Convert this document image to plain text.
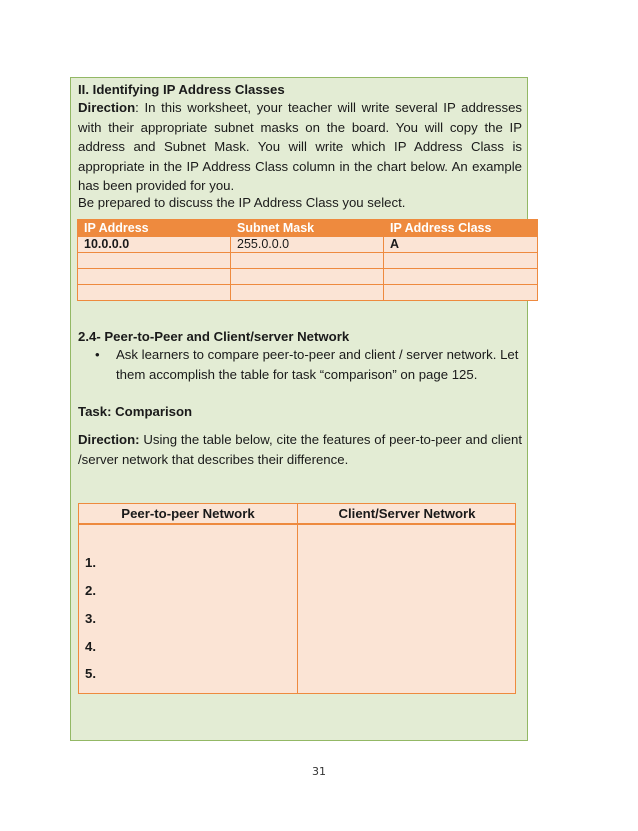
II. Identifying IP Address Classes
Direction: In this worksheet, your teacher will write several IP addresses with their appropriate subnet masks on the board. You will copy the IP address and Subnet Mask. You will write which IP Address Class is appropriate in the IP Address Class column in the chart below. An example has been provided for you.
Be prepared to discuss the IP Address Class you select.
IP Address	Subnet Mask	IP Address Class
10.0.0.0	255.0.0.0	A

2.4- Peer-to-Peer and Client/server Network
• Ask learners to compare peer-to-peer and client / server network. Let them accomplish the table for task “comparison” on page 125.
Task: Comparison
Direction: Using the table below, cite the features of peer-to-peer and client /server network that describes their difference.
Peer-to-peer Network	Client/Server Network
1.
2.
3.
4.
5.
31
